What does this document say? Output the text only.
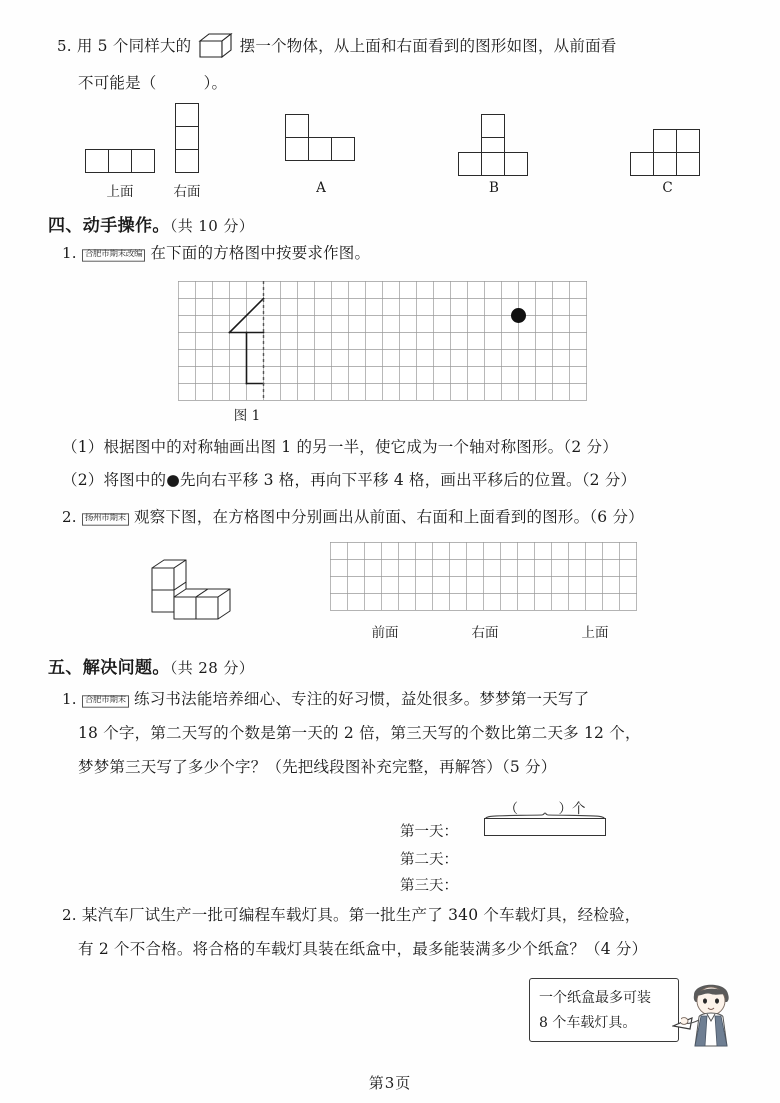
5. 用 5 个同样大的	摆一个物体，从上面和右面看到的图形如图，从前面看
不可能是（　　　）。
上面	右面	A	B	C
四、动手操作。（共 10 分）
1. 合肥市期末改编 在下面的方格图中按要求作图。
图 1
（1）根据图中的对称轴画出图 1 的另一半，使它成为一个轴对称图形。（2 分）
（2）将图中的●先向右平移 3 格，再向下平移 4 格，画出平移后的位置。（2 分）
2. 扬州市期末 观察下图，在方格图中分别画出从前面、右面和上面看到的图形。（6 分）
前面	右面	上面
五、解决问题。（共 28 分）
1. 合肥市期末 练习书法能培养细心、专注的好习惯，益处很多。梦梦第一天写了
18 个字，第二天写的个数是第一天的 2 倍，第三天写的个数比第二天多 12 个，
梦梦第三天写了多少个字？（先把线段图补充完整，再解答）（5 分）
（　　　）个
第一天：
第二天：
第三天：
2. 某汽车厂试生产一批可编程车载灯具。第一批生产了 340 个车载灯具，经检验，
有 2 个不合格。将合格的车载灯具装在纸盒中，最多能装满多少个纸盒？（4 分）
一个纸盒最多可装
8 个车载灯具。
第3页
